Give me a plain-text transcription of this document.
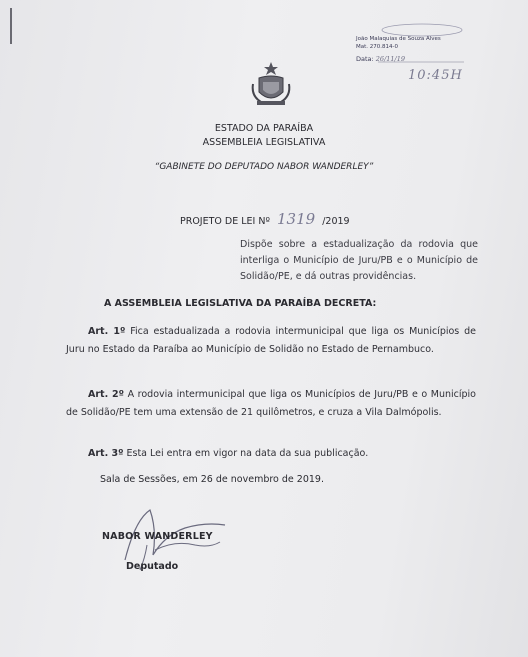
João Malaquias de Souza Alves
Mat. 270.814-0
Data: 26/11/19
10:45H
ESTADO DA PARAÍBA
ASSEMBLEIA LEGISLATIVA
“GABINETE DO DEPUTADO NABOR WANDERLEY”
PROJETO DE LEI Nº 1319 /2019
Dispõe sobre a estadualização da rodovia que interliga o Município de Juru/PB e o Município de Solidão/PE, e dá outras providências.
A ASSEMBLEIA LEGISLATIVA DA PARAÍBA DECRETA:
Art. 1º Fica estadualizada a rodovia intermunicipal que liga os Municípios de Juru no Estado da Paraíba ao Município de Solidão no Estado de Pernambuco.
Art. 2º A rodovia intermunicipal que liga os Municípios de Juru/PB e o Município de Solidão/PE tem uma extensão de 21 quilômetros, e cruza a Vila Dalmópolis.
Art. 3º Esta Lei entra em vigor na data da sua publicação.
Sala de Sessões, em 26 de novembro de 2019.
NABOR WANDERLEY
Deputado
